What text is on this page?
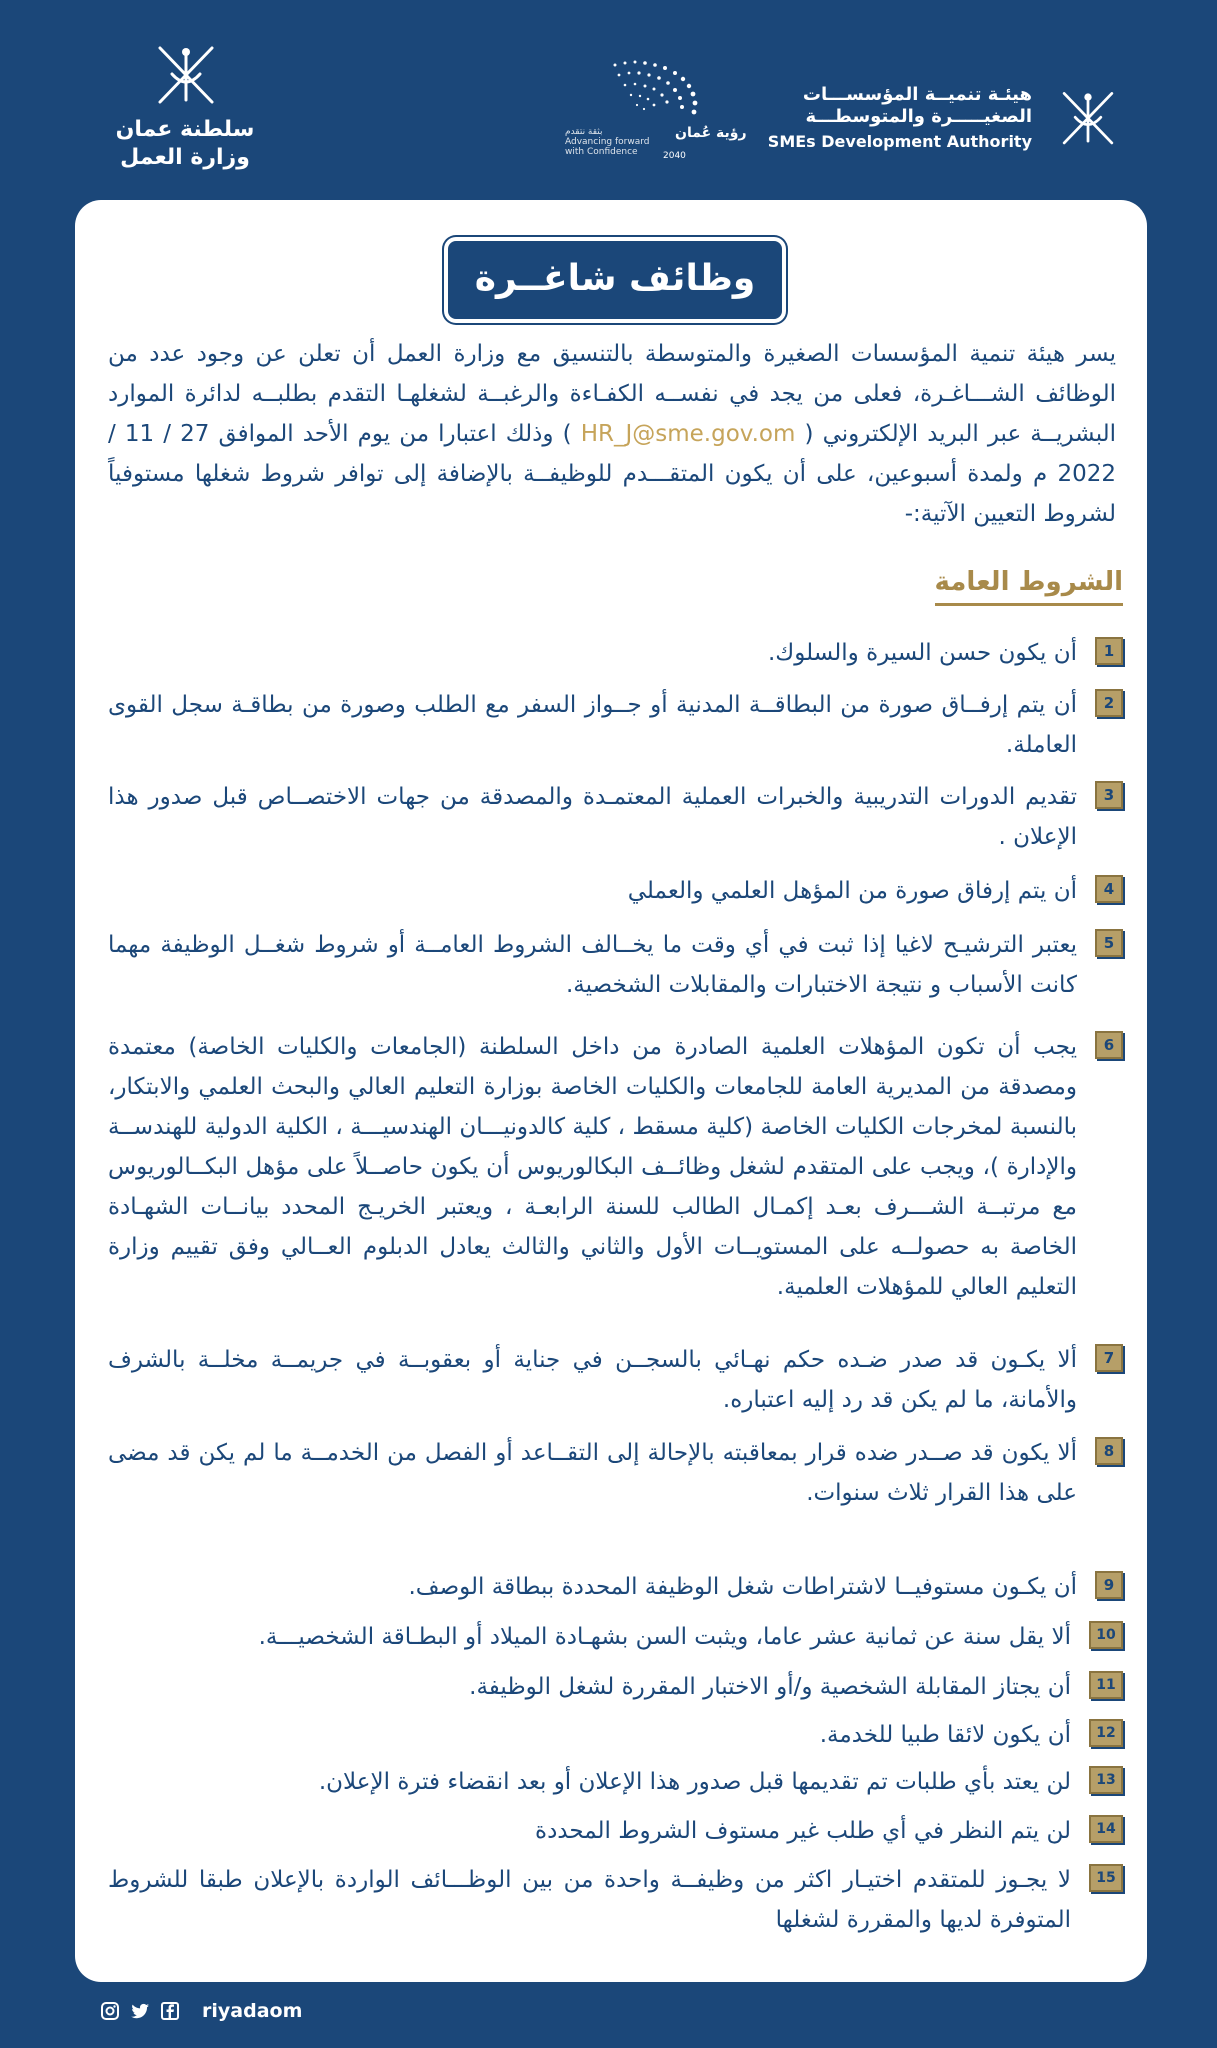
سلطنة عمان
وزارة العمل
رؤية عُمان
2040
بثقة نتقدم
Advancing forward
with Confidence
هيئـة تنميــة المؤسســـات
الصغيـــــرة والمتوسطـــة
SMEs Development Authority
وظائف شاغــرة

يسر هيئة تنمية المؤسسات الصغيرة والمتوسطة بالتنسيق مع وزارة العمل أن تعلن عن وجود عدد من الوظائف الشـــاغـرة، فعلى من يجد في نفســه الكفـاءة والرغبــة لشغلهـا التقدم بطلبــه لدائرة الموارد البشريــة عبر البريد الإلكتروني ( HR_J@sme.gov.om ) وذلك اعتبارا من يوم الأحد الموافق 27 / 11 / 2022 م ولمدة أسبوعين، على أن يكون المتقـــدم للوظيفــة بالإضافة إلى توافر شروط شغلها مستوفياً لشروط التعيين الآتية:-

الشروط العامة
1
أن يكون حسن السيرة والسلوك.
2
أن يتم إرفــاق صورة من البطاقــة المدنية أو جــواز السفر مع الطلب وصورة من بطاقـة سجل القوى العاملة.
3
تقديم الدورات التدريبية والخبرات العملية المعتمـدة والمصدقة من جهات الاختصــاص قبل صدور هذا الإعلان .
4
أن يتم إرفاق صورة من المؤهل العلمي والعملي
5
يعتبر الترشيـح لاغيا إذا ثبت في أي وقت ما يخــالف الشروط العامــة أو شروط شغــل الوظيفة مهما كانت الأسباب و نتيجة الاختبارات والمقابلات الشخصية.
6
يجب أن تكون المؤهلات العلمية الصادرة من داخل السلطنة (الجامعات والكليات الخاصة) معتمدة ومصدقة من المديرية العامة للجامعات والكليات الخاصة بوزارة التعليم العالي والبحث العلمي والابتكار، بالنسبة لمخرجات الكليات الخاصة (كلية مسقط ، كلية كالدونيـــان الهندسيـــة ، الكلية الدولية للهندســة والإدارة )، ويجب على المتقدم لشغل وظائــف البكالوريوس أن يكون حاصــلاً على مؤهل البكــالوريوس مع مرتبــة الشـــرف بعـد إكمـال الطالب للسنة الرابعـة ، ويعتبر الخريـج المحدد بيانــات الشهـادة الخاصة به حصولــه على المستويــات الأول والثاني والثالث يعادل الدبلوم العــالي وفق تقييم وزارة التعليم العالي للمؤهلات العلمية.
7
ألا يكـون قد صدر ضـده حكم نهـائي بالسجــن في جناية أو بعقوبــة في جريمــة مخلــة بالشرف والأمانة، ما لم يكن قد رد إليه اعتباره.
8
ألا يكون قد صــدر ضده قرار بمعاقبته بالإحالة إلى التقــاعد أو الفصل من الخدمــة ما لم يكن قد مضى على هذا القرار ثلاث سنوات.
9
أن يكـون مستوفيــا لاشتراطات شغل الوظيفة المحددة ببطاقة الوصف.
10
ألا يقل سنة عن ثمانية عشر عاما، ويثبت السن بشهـادة الميلاد أو البطـاقة الشخصيـــة.
11
أن يجتاز المقابلة الشخصية و/أو الاختبار المقررة لشغل الوظيفة.
12
أن يكون لائقا طبيا للخدمة.
13
لن يعتد بأي طلبات تم تقديمها قبل صدور هذا الإعلان أو بعد انقضاء فترة الإعلان.
14
لن يتم النظر في أي طلب غير مستوف الشروط المحددة
15
لا يجـوز للمتقدم اختيـار اكثر من وظيفــة واحدة من بين الوظـــائف الواردة بالإعلان طبقا للشروط المتوفرة لديها والمقررة لشغلها
riyadaom
